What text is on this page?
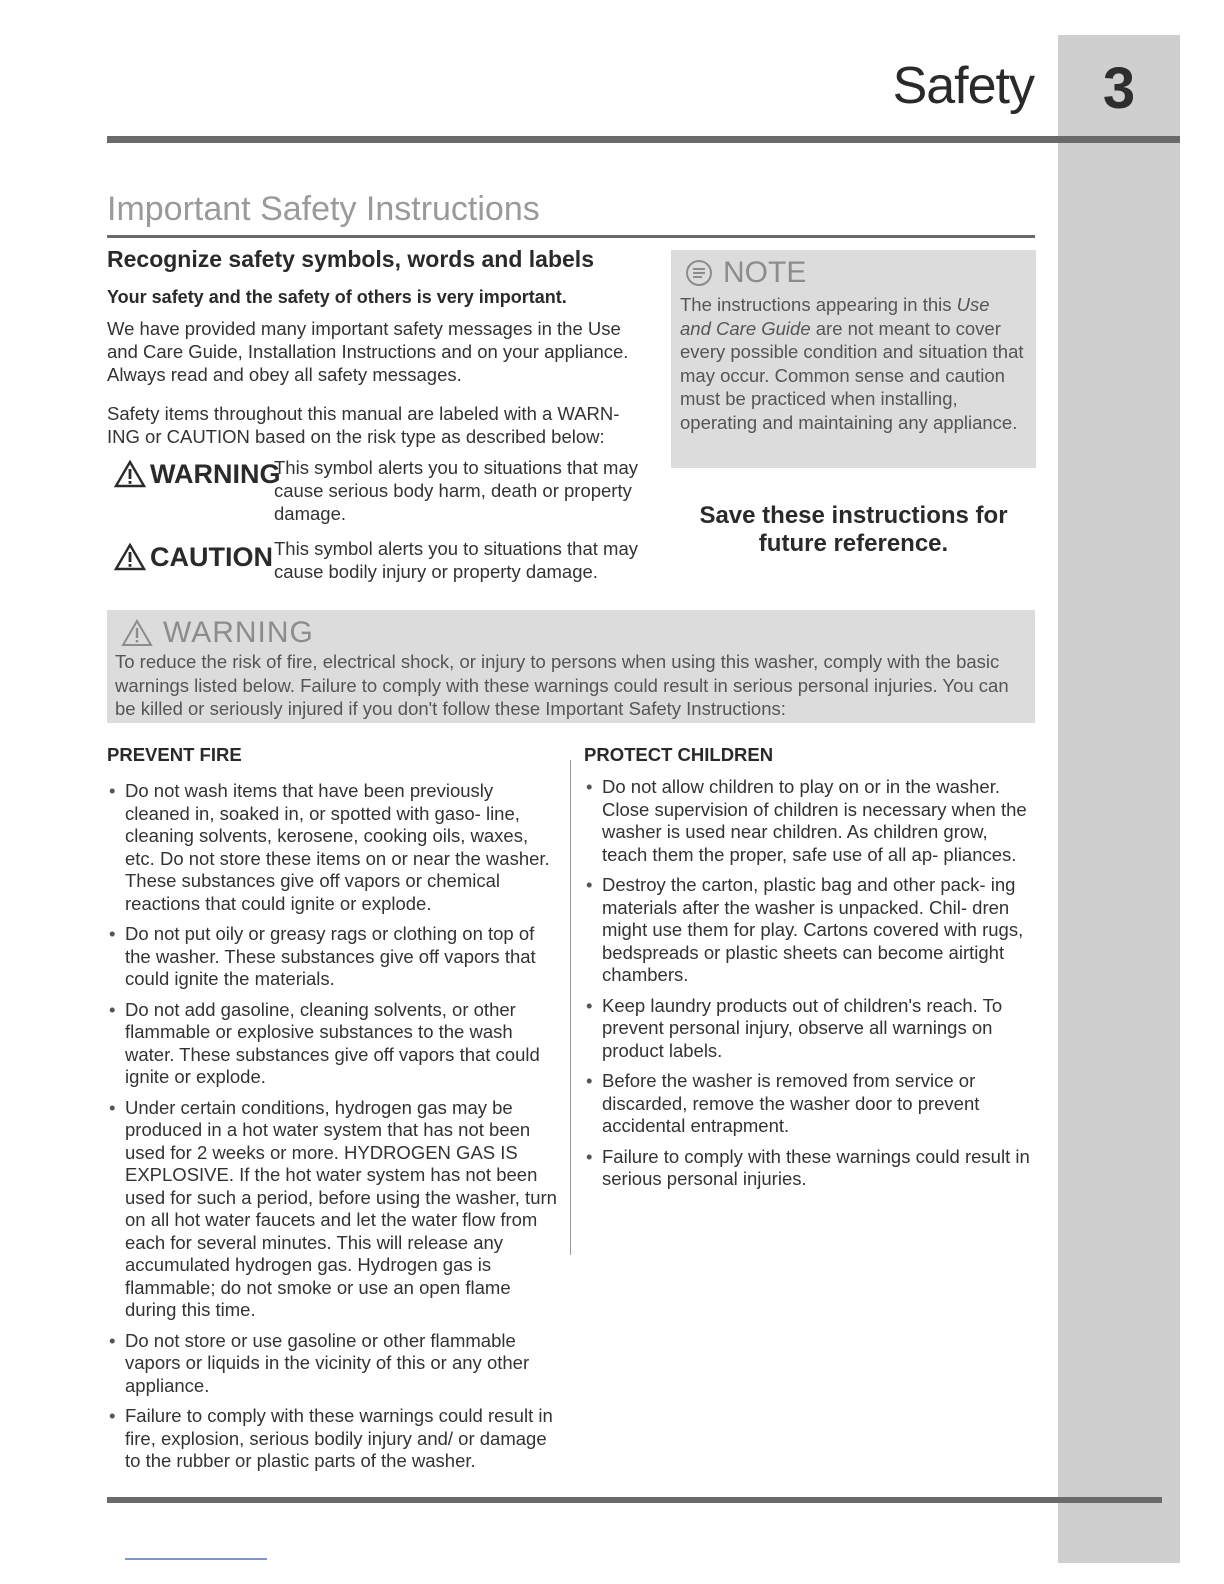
3
Safety
Important Safety Instructions
Recognize safety symbols, words and labels
Your safety and the safety of others is very important.
We have provided many important safety messages in the Use and Care Guide, Installation Instructions and on your appliance. Always read and obey all safety messages.
Safety items throughout this manual are labeled with a WARN- ING or CAUTION based on the risk type as described below:
WARNING
This symbol alerts you to situations that may cause serious body harm, death or property damage.
CAUTION This symbol alerts you to situations that may cause bodily injury or property damage.
NOTE
The instructions appearing in this Use and Care Guide are not meant to cover every possible condition and situation that may occur. Common sense and caution must be practiced when installing, operating and maintaining any appliance.
Save these instructions for future reference.
WARNING
To reduce the risk of fire, electrical shock, or injury to persons when using this washer, comply with the basic warnings listed below. Failure to comply with these warnings could result in serious personal injuries. You can be killed or seriously injured if you don't follow these Important Safety Instructions:
PREVENT FIRE
• Do not wash items that have been previously cleaned in, soaked in, or spotted with gaso- line, cleaning solvents, kerosene, cooking oils, waxes, etc. Do not store these items on or near the washer. These substances give off vapors or chemical reactions that could ignite or explode.
• Do not put oily or greasy rags or clothing on top of the washer. These substances give off vapors that could ignite the materials.
• Do not add gasoline, cleaning solvents, or other flammable or explosive substances to the wash water. These substances give off vapors that could ignite or explode.
• Under certain conditions, hydrogen gas may be produced in a hot water system that has not been used for 2 weeks or more. HYDROGEN GAS IS EXPLOSIVE. If the hot water system has not been used for such a period, before using the washer, turn on all hot water faucets and let the water flow from each for several minutes. This will release any accumulated hydrogen gas. Hydrogen gas is flammable; do not smoke or use an open flame during this time.
• Do not store or use gasoline or other flammable vapors or liquids in the vicinity of this or any other appliance.
• Failure to comply with these warnings could result in fire, explosion, serious bodily injury and/ or damage to the rubber or plastic parts of the washer.
PROTECT CHILDREN
• Do not allow children to play on or in the washer. Close supervision of children is necessary when the washer is used near children. As children grow, teach them the proper, safe use of all ap- pliances.
• Destroy the carton, plastic bag and other pack- ing materials after the washer is unpacked. Chil- dren might use them for play. Cartons covered with rugs, bedspreads or plastic sheets can become airtight chambers.
• Keep laundry products out of children's reach. To prevent personal injury, observe all warnings on product labels.
• Before the washer is removed from service or discarded, remove the washer door to prevent accidental entrapment.
• Failure to comply with these warnings could result in serious personal injuries.
